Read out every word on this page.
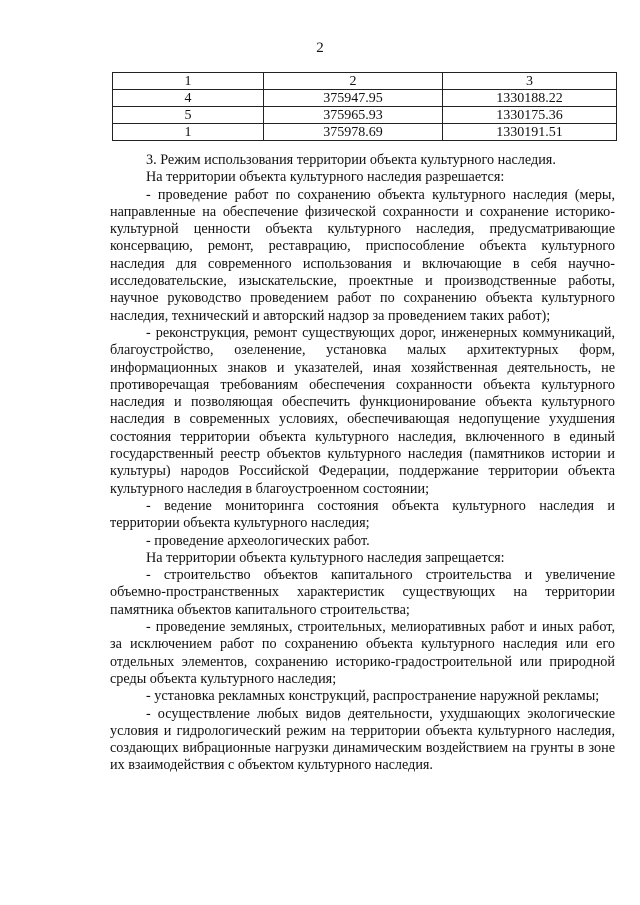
2
1	2	3
4	375947.95	1330188.22
5	375965.93	1330175.36
1	375978.69	1330191.51

3. Режим использования территории объекта культурного наследия.

На территории объекта культурного наследия разрешается:

- проведение работ по сохранению объекта культурного наследия (меры, направленные на обеспечение физической сохранности и сохранение историко-культурной ценности объекта культурного наследия, предусматривающие консервацию, ремонт, реставрацию, приспособление объекта культурного наследия для современного использования и включающие в себя научно-исследовательские, изыскательские, проектные и производственные работы, научное руководство проведением работ по сохранению объекта культурного наследия, технический и авторский надзор за проведением таких работ);

- реконструкция, ремонт существующих дорог, инженерных коммуникаций, благоустройство, озеленение, установка малых архитектурных форм, информационных знаков и указателей, иная хозяйственная деятельность, не противоречащая требованиям обеспечения сохранности объекта культурного наследия и позволяющая обеспечить функционирование объекта культурного наследия в современных условиях, обеспечивающая недопущение ухудшения состояния территории объекта культурного наследия, включенного в единый государственный реестр объектов культурного наследия (памятников истории и культуры) народов Российской Федерации, поддержание территории объекта культурного наследия в благоустроенном состоянии;

- ведение мониторинга состояния объекта культурного наследия и территории объекта культурного наследия;

- проведение археологических работ.

На территории объекта культурного наследия запрещается:

- строительство объектов капитального строительства и увеличение объемно-пространственных характеристик существующих на территории памятника объектов капитального строительства;

- проведение земляных, строительных, мелиоративных работ и иных работ, за исключением работ по сохранению объекта культурного наследия или его отдельных элементов, сохранению историко-градостроительной или природной среды объекта культурного наследия;

- установка рекламных конструкций, распространение наружной рекламы;

- осуществление любых видов деятельности, ухудшающих экологические условия и гидрологический режим на территории объекта культурного наследия, создающих вибрационные нагрузки динамическим воздействием на грунты в зоне их взаимодействия с объектом культурного наследия.
